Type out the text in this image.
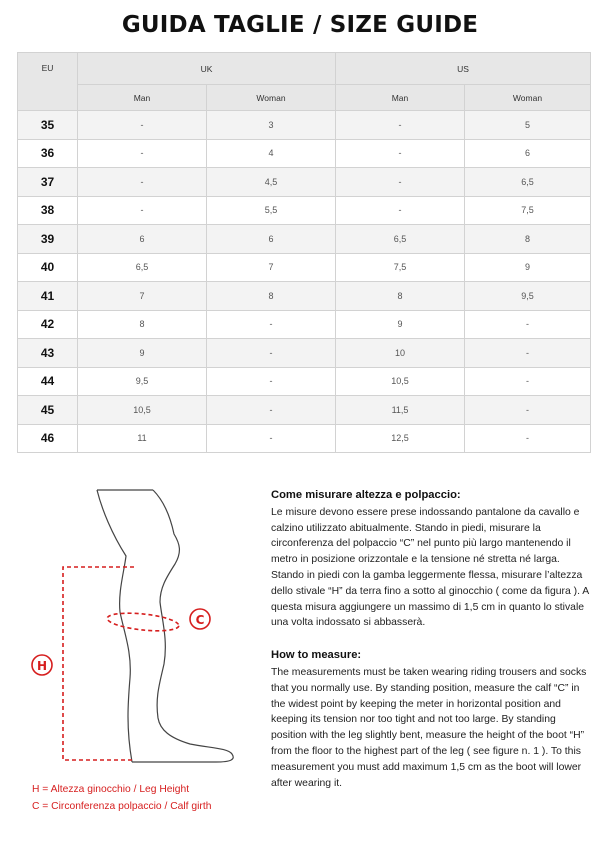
GUIDA TAGLIE / SIZE GUIDE
EU	UK		US	
	Man	Woman	Man	Woman
35	-	3	-	5
36	-	4	-	6
37	-	4,5	-	6,5
38	-	5,5	-	7,5
39	6	6	6,5	8
40	6,5	7	7,5	9
41	7	8	8	9,5
42	8	-	9	-
43	9	-	10	-
44	9,5	-	10,5	-
45	10,5	-	11,5	-
46	11	-	12,5	-
H
C
H = Altezza ginocchio / Leg Height
C = Circonferenza polpaccio / Calf girth
Come misurare altezza e polpaccio:

Le misure devono essere prese indossando pantalone da cavallo e calzino utilizzato abitualmente. Stando in piedi, misurare la circonferenza del polpaccio “C” nel punto più largo mantenendo il metro in posizione orizzontale e la tensione né stretta né larga. Stando in piedi con la gamba leggermente flessa, misurare l’altezza dello stivale “H” da terra fino a sotto al ginocchio ( come da figura ). A questa misura aggiungere un massimo di 1,5 cm in quanto lo stivale una volta indossato si abbasserà.

How to measure:

The measurements must be taken wearing riding trousers and socks that you normally use. By standing position, measure the calf “C” in the widest point by keeping the meter in horizontal position and keeping its tension nor too tight and not too large. By standing position with the leg slightly bent, measure the height of the boot “H” from the floor to the highest part of the leg ( see figure n. 1 ). To this measurement you must add maximum 1,5 cm as the boot will lower after wearing it.
